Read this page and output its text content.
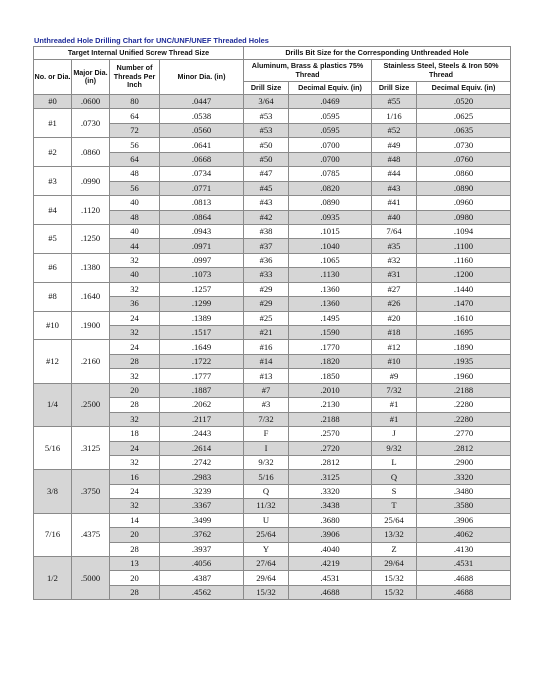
Unthreaded Hole Drilling Chart for UNC/UNF/UNEF Threaded Holes
Target Internal Unified Screw Thread Size				Drills Bit Size for the Corresponding Unthreaded Hole			
No. or Dia.	Major Dia. (in)	Number of Threads Per Inch	Minor Dia. (in)	Aluminum, Brass & plastics 75% Thread		Stainless Steel, Steels & Iron 50% Thread	
				Drill Size	Decimal Equiv. (in)	Drill Size	Decimal Equiv. (in)
#0	.0600	80	.0447	3/64	.0469	#55	.0520
#1	.0730	64	.0538	#53	.0595	1/16	.0625
		72	.0560	#53	.0595	#52	.0635
#2	.0860	56	.0641	#50	.0700	#49	.0730
		64	.0668	#50	.0700	#48	.0760
#3	.0990	48	.0734	#47	.0785	#44	.0860
		56	.0771	#45	.0820	#43	.0890
#4	.1120	40	.0813	#43	.0890	#41	.0960
		48	.0864	#42	.0935	#40	.0980
#5	.1250	40	.0943	#38	.1015	7/64	.1094
		44	.0971	#37	.1040	#35	.1100
#6	.1380	32	.0997	#36	.1065	#32	.1160
		40	.1073	#33	.1130	#31	.1200
#8	.1640	32	.1257	#29	.1360	#27	.1440
		36	.1299	#29	.1360	#26	.1470
#10	.1900	24	.1389	#25	.1495	#20	.1610
		32	.1517	#21	.1590	#18	.1695
#12	.2160	24	.1649	#16	.1770	#12	.1890
		28	.1722	#14	.1820	#10	.1935
		32	.1777	#13	.1850	#9	.1960
1/4	.2500	20	.1887	#7	.2010	7/32	.2188
		28	.2062	#3	.2130	#1	.2280
		32	.2117	7/32	.2188	#1	.2280
5/16	.3125	18	.2443	F	.2570	J	.2770
		24	.2614	I	.2720	9/32	.2812
		32	.2742	9/32	.2812	L	.2900
3/8	.3750	16	.2983	5/16	.3125	Q	.3320
		24	.3239	Q	.3320	S	.3480
		32	.3367	11/32	.3438	T	.3580
7/16	.4375	14	.3499	U	.3680	25/64	.3906
		20	.3762	25/64	.3906	13/32	.4062
		28	.3937	Y	.4040	Z	.4130
1/2	.5000	13	.4056	27/64	.4219	29/64	.4531
		20	.4387	29/64	.4531	15/32	.4688
		28	.4562	15/32	.4688	15/32	.4688
